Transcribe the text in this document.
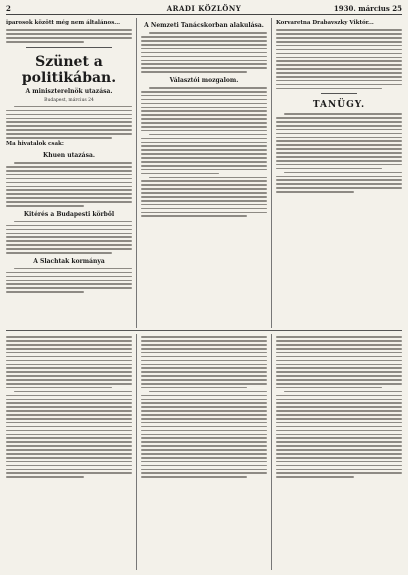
2	ARADI KÖZLÖNY	1930. március 25
iparosok között még nem általános...
Szünet a politikában.
A miniszterelnök utazása.
Budapest, március 24
Ma hivatalok csak:
Khuen utazása.
Kitérés a Budapesti körből
A Slachtak kormánya
A Nemzeti Tanácskorban alakulása.
Választói mozgalom.
Korvaretna Drabavszky Viktór...
TANÜGY.
